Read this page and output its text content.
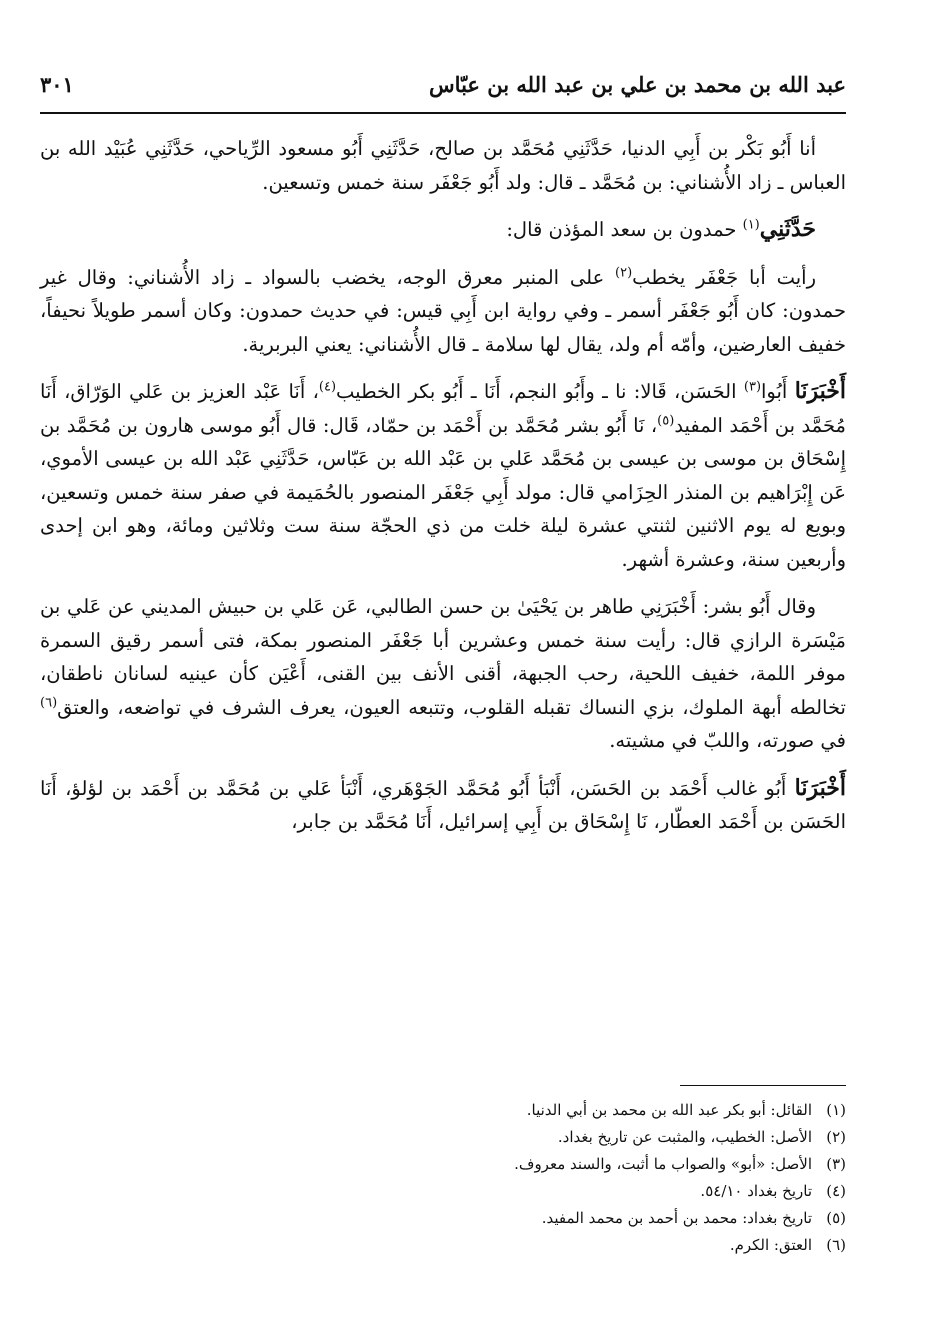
عبد الله بن محمد بن علي بن عبد الله بن عبّاس
٣٠١

أنا أَبُو بَكْر بن أَبِي الدنيا، حَدَّثَنِي مُحَمَّد بن صالح، حَدَّثَنِي أَبُو مسعود الرِّياحي، حَدَّثَنِي عُبَيْد الله بن العباس ـ زاد الأُشناني: بن مُحَمَّد ـ قال: ولد أَبُو جَعْفَر سنة خمس وتسعين.

حَدَّثَنِي$^{(١)}$ حمدون بن سعد المؤذن قال:

رأيت أبا جَعْفَر يخطب$^{(٢)}$ على المنبر معرق الوجه، يخضب بالسواد ـ زاد الأُشناني: وقال غير حمدون: كان أَبُو جَعْفَر أسمر ـ وفي رواية ابن أَبِي قيس: في حديث حمدون: وكان أسمر طويلاً نحيفاً، خفيف العارضين، وأمّه أم ولد، يقال لها سلامة ـ قال الأُشناني: يعني البربرية.

أَخْبَرَنَا أَبُوا$^{(٣)}$ الحَسَن، قَالا: نا ـ وأَبُو النجم، أَنَا ـ أَبُو بكر الخطيب$^{(٤)}$، أَنَا عَبْد العزيز بن عَلي الوَرّاق، أَنَا مُحَمَّد بن أَحْمَد المفيد$^{(٥)}$، نَا أَبُو بشر مُحَمَّد بن أَحْمَد بن حمّاد، قَال: قال أَبُو موسى هارون بن مُحَمَّد بن إِسْحَاق بن موسى بن عيسى بن مُحَمَّد عَلي بن عَبْد الله بن عَبّاس، حَدَّثَنِي عَبْد الله بن عيسى الأموي، عَن إِبْرَاهيم بن المنذر الحِزَامي قال: مولد أَبِي جَعْفَر المنصور بالحُمَيمة في صفر سنة خمس وتسعين، وبويع له يوم الاثنين لثنتي عشرة ليلة خلت من ذي الحجّة سنة ست وثلاثين ومائة، وهو ابن إحدى وأربعين سنة، وعشرة أشهر.

وقال أَبُو بشر: أَخْبَرَنِي طاهر بن يَحْيَىٰ بن حسن الطالبي، عَن عَلي بن حبيش المديني عن عَلي بن مَيْسَرة الرازي قال: رأيت سنة خمس وعشرين أبا جَعْفَر المنصور بمكة، فتى أسمر رقيق السمرة موفر اللمة، خفيف اللحية، رحب الجبهة، أقنى الأنف بين القنى، أَعْيَن كأن عينيه لسانان ناطقان، تخالطه أبهة الملوك، بزي النساك تقبله القلوب، وتتبعه العيون، يعرف الشرف في تواضعه، والعتق$^{(٦)}$ في صورته، واللبّ في مشيته.

أَخْبَرَنَا أَبُو غالب أَحْمَد بن الحَسَن، أَنْبَأ أَبُو مُحَمَّد الجَوْهَري، أَنْبَأ عَلي بن مُحَمَّد بن أَحْمَد بن لؤلؤ، أَنَا الحَسَن بن أَحْمَد العطّار، نَا إِسْحَاق بن أَبِي إسرائيل، أَنَا مُحَمَّد بن جابر،

(١)القائل: أبو بكر عبد الله بن محمد بن أبي الدنيا.
(٢)الأصل: الخطيب، والمثبت عن تاريخ بغداد.
(٣)الأصل: «أبو» والصواب ما أثبت، والسند معروف.
(٤)تاريخ بغداد ٥٤/١٠.
(٥)تاريخ بغداد: محمد بن أحمد بن محمد المفيد.
(٦)العتق: الكرم.
